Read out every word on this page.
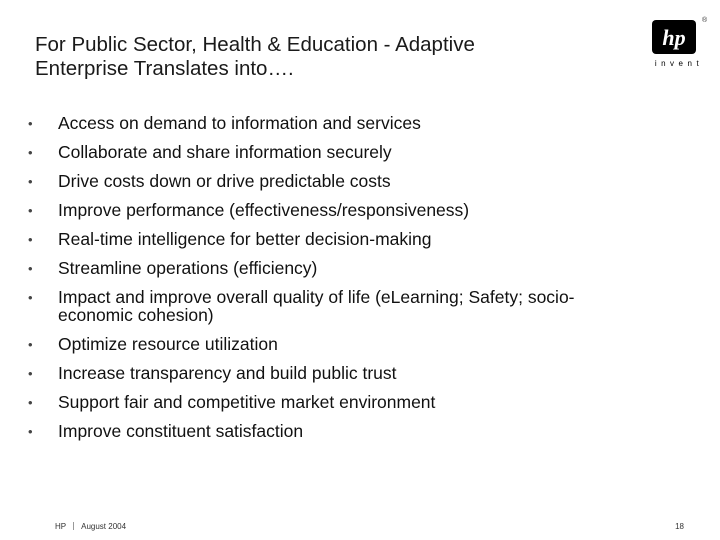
For Public Sector, Health & Education - Adaptive
Enterprise Translates into….
hp
®
invent
• Access on demand to information and services
• Collaborate and share information securely
• Drive costs down or drive predictable costs
• Improve performance (effectiveness/responsiveness)
• Real-time intelligence for better decision-making
• Streamline operations (efficiency)
• Impact and improve overall quality of life (eLearning; Safety; socio-
economic cohesion)
• Optimize resource utilization
• Increase transparency and build public trust
• Support fair and competitive market environment
• Improve constituent satisfaction
HP August 2004	18
